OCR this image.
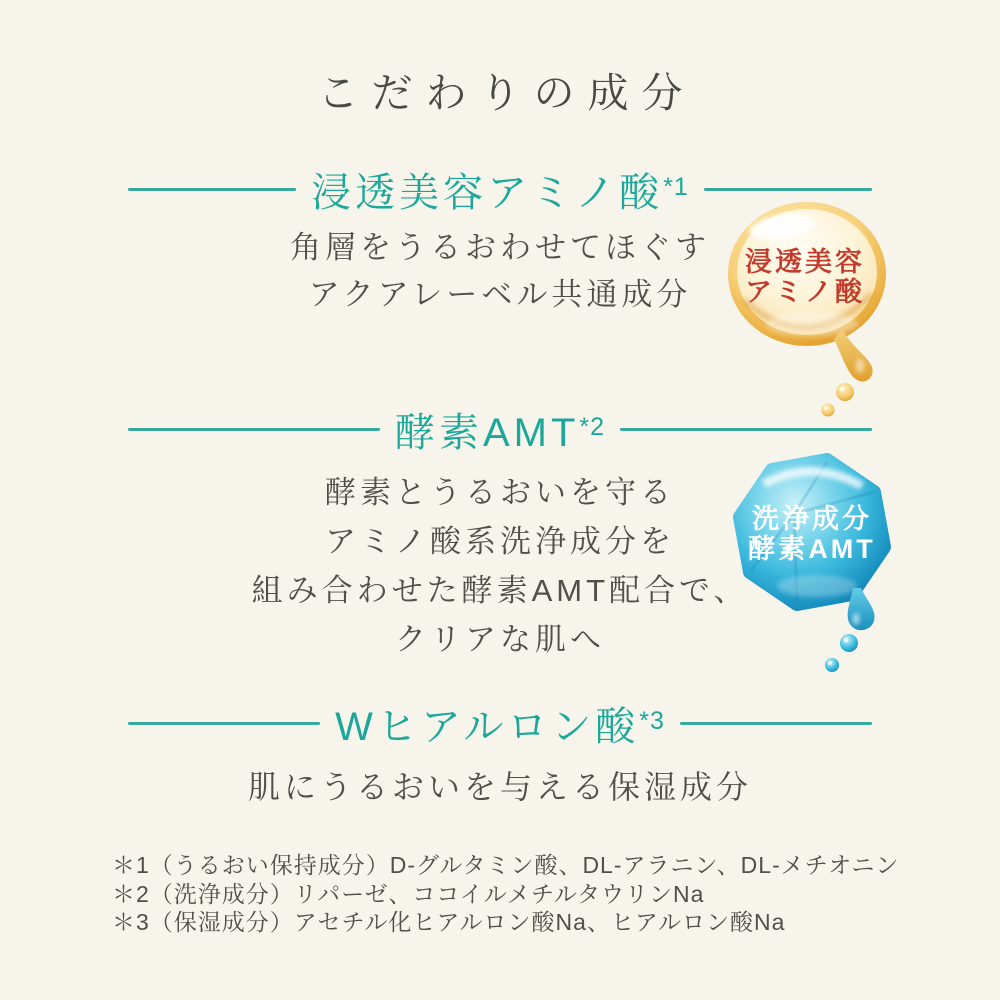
こだわりの成分
浸透美容アミノ酸*1
角層をうるおわせてほぐす
アクアレーベル共通成分
浸透美容
アミノ酸
酵素AMT*2
酵素とうるおいを守る
アミノ酸系洗浄成分を
組み合わせた酵素AMT配合で、
クリアな肌へ
洗浄成分
酵素AMT
Wヒアルロン酸*3
肌にうるおいを与える保湿成分
＊1（うるおい保持成分）D-グルタミン酸、DL-アラニン、DL-メチオニン
＊2（洗浄成分）リパーゼ、ココイルメチルタウリンNa
＊3（保湿成分）アセチル化ヒアルロン酸Na、ヒアルロン酸Na
